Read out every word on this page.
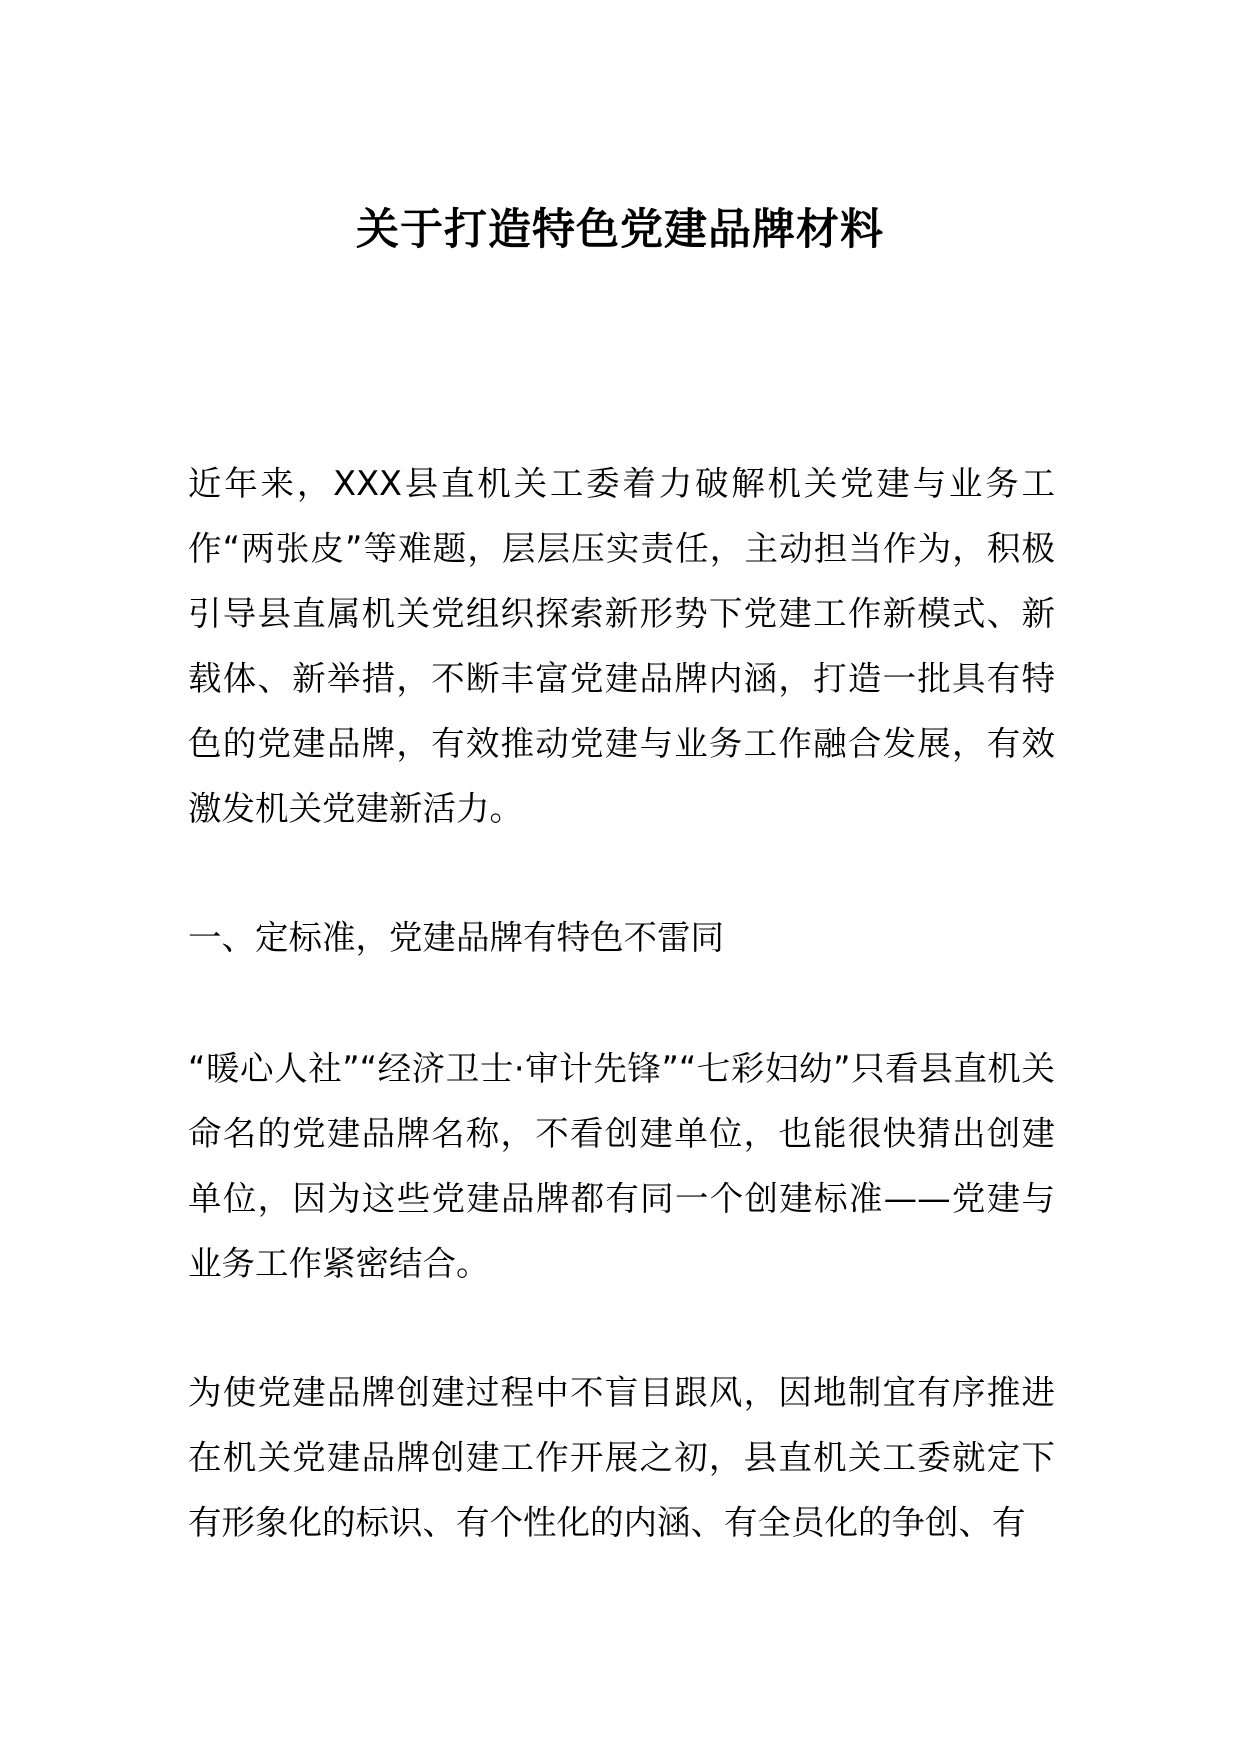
关于打造特色党建品牌材料

近年来，XXX县直机关工委着力破解机关党建与业务工作“两张皮”等难题，层层压实责任，主动担当作为，积极引导县直属机关党组织探索新形势下党建工作新模式、新载体、新举措，不断丰富党建品牌内涵，打造一批具有特色的党建品牌，有效推动党建与业务工作融合发展，有效激发机关党建新活力。

一、定标准，党建品牌有特色不雷同

“暖心人社”“经济卫士·审计先锋”“七彩妇幼”只看县直机关命名的党建品牌名称，不看创建单位，也能很快猜出创建单位，因为这些党建品牌都有同一个创建标准——党建与业务工作紧密结合。

为使党建品牌创建过程中不盲目跟风，因地制宜有序推进在机关党建品牌创建工作开展之初，县直机关工委就定下有形象化的标识、有个性化的内涵、有全员化的争创、有
